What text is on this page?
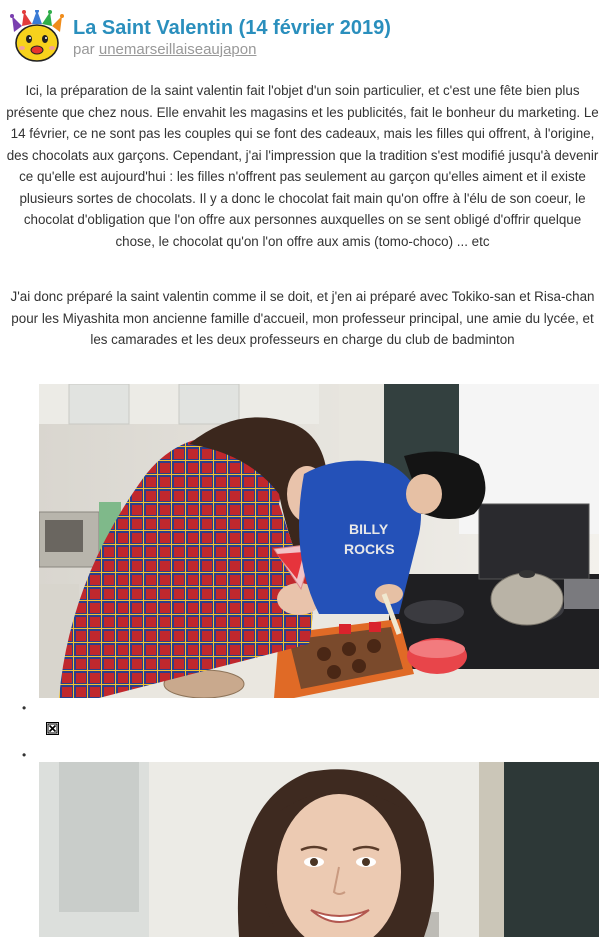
La Saint Valentin (14 février 2019)
par unemarseillaiseaujapon

Ici, la préparation de la saint valentin fait l'objet d'un soin particulier, et c'est une fête bien plus présente que chez nous. Elle envahit les magasins et les publicités, fait le bonheur du marketing. Le 14 février, ce ne sont pas les couples qui se font des cadeaux, mais les filles qui offrent, à l'origine, des chocolats aux garçons. Cependant, j'ai l'impression que la tradition s'est modifié jusqu'à devenir ce qu'elle est aujourd'hui : les filles n'offrent pas seulement au garçon qu'elles aiment et il existe plusieurs sortes de chocolats. Il y a donc le chocolat fait main qu'on offre à l'élu de son coeur, le chocolat d'obligation que l'on offre aux personnes auxquelles on se sent obligé d'offrir quelque chose, le chocolat qu'on l'on offre aux amis (tomo-choco) ... etc

J'ai donc préparé la saint valentin comme il se doit, et j'en ai préparé avec Tokiko-san et Risa-chan pour les Miyashita mon ancienne famille d'accueil, mon professeur principal, une amie du lycée, et les camarades et les deux professeurs en charge du club de badminton

BILLY
ROCKS
•
•
